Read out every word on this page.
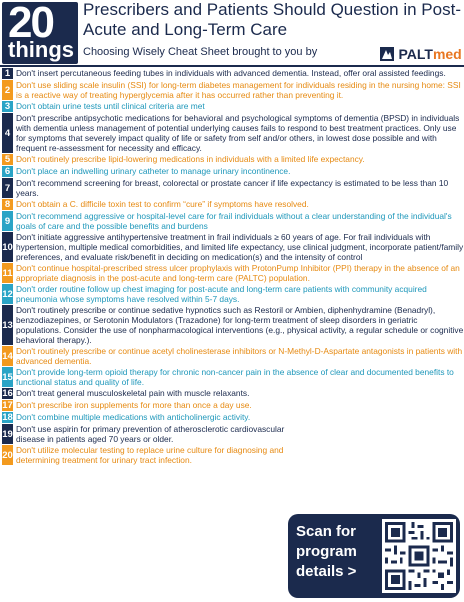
20
things
Prescribers and Patients Should Question in Post-Acute and Long-Term Care
Choosing Wisely Cheat Sheet brought to you by	PALTmed
1 Don't insert percutaneous feeding tubes in individuals with advanced dementia. Instead, offer oral assisted feedings.
2 Don't use sliding scale insulin (SSI) for long-term diabetes management for individuals residing in the nursing home: SSI is a reactive way of treating hyperglycemia after it has occurred rather than preventing it.
3 Don't obtain urine tests until clinical criteria are met
4
Don't prescribe antipsychotic medications for behavioral and psychological symptoms of dementia (BPSD) in individuals with dementia unless management of potential underlying causes fails to respond to best treatment practices. Only use for symptoms that severely impact quality of life or safety from self and/or others, in lowest dose possible and with frequent re-assessment for necessity and efficacy.
5 Don't routinely prescribe lipid-lowering medications in individuals with a limited life expectancy.
6 Don't place an indwelling urinary catheter to manage urinary incontinence.
7 Don't recommend screening for breast, colorectal or prostate cancer if life expectancy is estimated to be less than 10 years.
8 Don't obtain a C. difficile toxin test to confirm “cure” if symptoms have resolved.
9 Don't recommend aggressive or hospital-level care for frail individuals without a clear understanding of the individual's goals of care and the possible benefits and burdens
10
Don't initiate aggressive antihypertensive treatment in frail individuals ≥ 60 years of age. For frail individuals with hypertension, multiple medical comorbidities, and limited life expectancy, use clinical judgment, incorporate patient/family preferences, and evaluate risk/benefit in deciding on medication(s) and the intensity of control
11 Don't continue hospital-prescribed stress ulcer prophylaxis with ProtonPump Inhibitor (PPI) therapy in the absence of an appropriate diagnosis in the post-acute and long-term care (PALTC) population.
12 Don't order routine follow up chest imaging for post-acute and long-term care patients with community acquired pneumonia whose symptoms have resolved within 5-7 days.
13
Don't routinely prescribe or continue sedative hypnotics such as Restoril or Ambien, diphenhydramine (Benadryl), benzodiazepines, or Serotonin Modulators (Trazadone) for long-term treatment of sleep disorders in geriatric populations. Consider the use of nonpharmacological interventions (e.g., physical activity, a regular schedule or cognitive behavioral therapy.).
14 Don't routinely prescribe or continue acetyl cholinesterase inhibitors or N-Methyl-D-Aspartate antagonists in patients with advanced dementia.
15 Don't provide long-term opioid therapy for chronic non-cancer pain in the absence of clear and documented benefits to functional status and quality of life.
16 Don't treat general musculoskeletal pain with muscle relaxants.
17 Don't prescribe iron supplements for more than once a day use.
18 Don't combine multiple medications with anticholinergic activity.
19 Don't use aspirin for primary prevention of atherosclerotic cardiovascular disease in patients aged 70 years or older.
20 Don't utilize molecular testing to replace urine culture for diagnosing and determining treatment for urinary tract infection.
Scan for program details >
